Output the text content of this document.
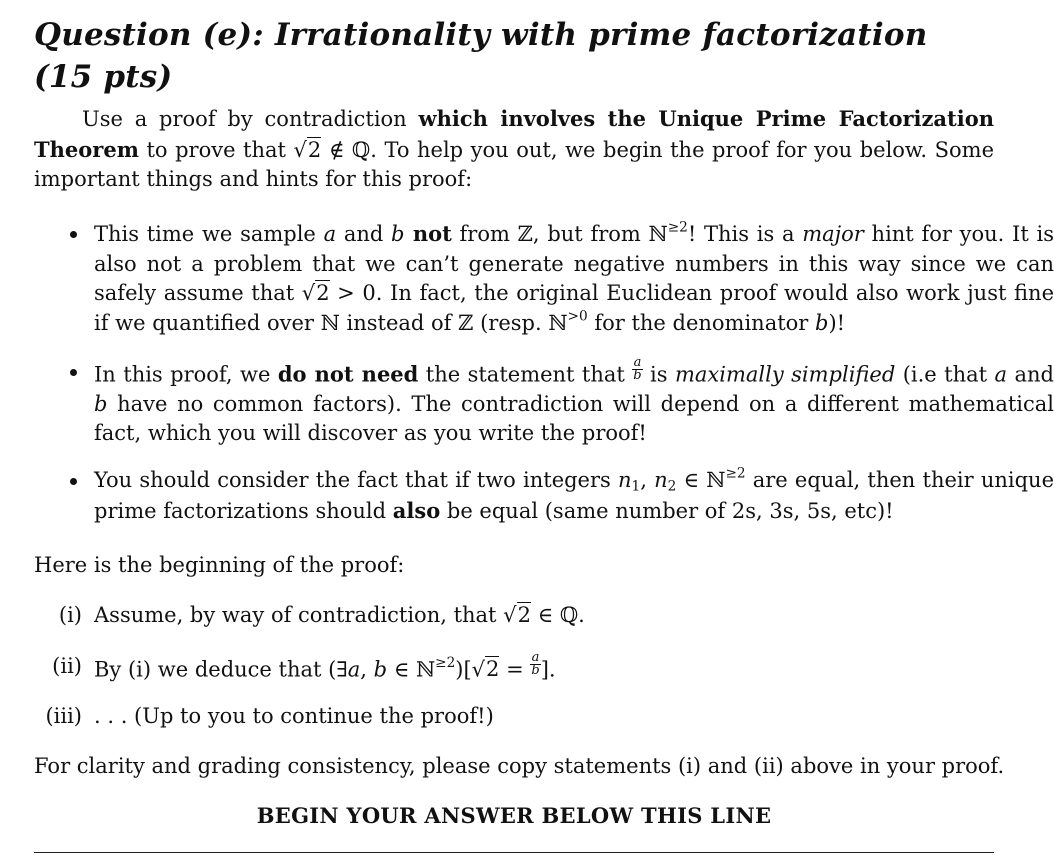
Question (e): Irrationality with prime factorization (15 pts)

Use a proof by contradiction which involves the Unique Prime Factorization Theorem to prove that √2 ∉ ℚ. To help you out, we begin the proof for you below. Some important things and hints for this proof:

This time we sample a and b not from ℤ, but from ℕ$^{\ge 2}$! This is a major hint for you. It is also not a problem that we can’t generate negative numbers in this way since we can safely assume that √2 > 0. In fact, the original Euclidean proof would also work just fine if we quantified over ℕ instead of ℤ (resp. ℕ$^{>0}$ for the denominator b)!

In this proof, we do not need the statement that $\frac{a}{b}$ is maximally simplified (i.e that a and b have no common factors). The contradiction will depend on a different mathematical fact, which you will discover as you write the proof!

You should consider the fact that if two integers $n_1$, $n_2$ ∈ ℕ$^{\ge 2}$ are equal, then their unique prime factorizations should also be equal (same number of 2s, 3s, 5s, etc)!

Here is the beginning of the proof:

(i) Assume, by way of contradiction, that √2 ∈ ℚ.
(ii) By (i) we deduce that (∃a, b ∈ ℕ$^{\ge 2}$)[√2 = $\frac{a}{b}$ ].
(iii) . . . (Up to you to continue the proof!)

For clarity and grading consistency, please copy statements (i) and (ii) above in your proof.

BEGIN YOUR ANSWER BELOW THIS LINE
